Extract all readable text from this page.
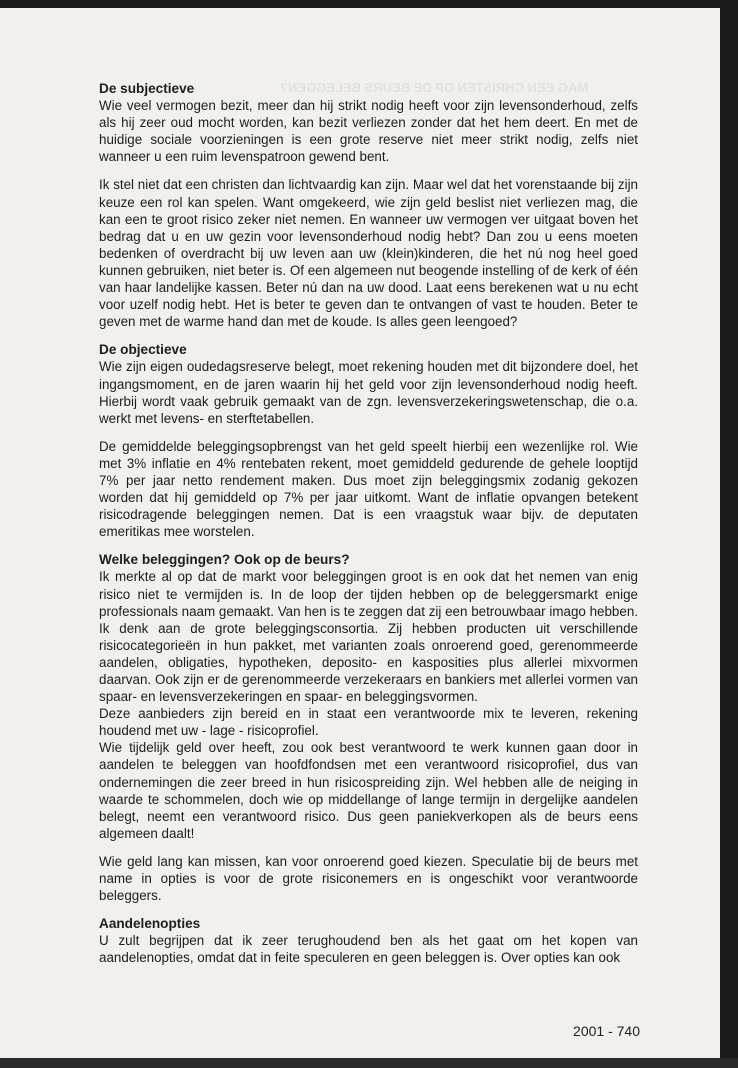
MAG EEN CHRISTEN OP DE BEURS BELEGGEN?
De subjectieve

Wie veel vermogen bezit, meer dan hij strikt nodig heeft voor zijn levensonderhoud, zelfs als hij zeer oud mocht worden, kan bezit verliezen zonder dat het hem deert. En met de huidige sociale voorzieningen is een grote reserve niet meer strikt nodig, zelfs niet wanneer u een ruim levenspatroon gewend bent.

Ik stel niet dat een christen dan lichtvaardig kan zijn. Maar wel dat het vorenstaande bij zijn keuze een rol kan spelen. Want omgekeerd, wie zijn geld beslist niet verliezen mag, die kan een te groot risico zeker niet nemen. En wanneer uw vermogen ver uitgaat boven het bedrag dat u en uw gezin voor levensonderhoud nodig hebt? Dan zou u eens moeten bedenken of overdracht bij uw leven aan uw (klein)kinderen, die het nú nog heel goed kunnen gebruiken, niet beter is. Of een algemeen nut beogende instelling of de kerk of één van haar landelijke kassen. Beter nú dan na uw dood. Laat eens berekenen wat u nu echt voor uzelf nodig hebt. Het is beter te geven dan te ontvangen of vast te houden. Beter te geven met de warme hand dan met de koude. Is alles geen leengoed?

De objectieve

Wie zijn eigen oudedagsreserve belegt, moet rekening houden met dit bijzondere doel, het ingangsmoment, en de jaren waarin hij het geld voor zijn levensonderhoud nodig heeft. Hierbij wordt vaak gebruik gemaakt van de zgn. levensverzekeringswetenschap, die o.a. werkt met levens- en sterftetabellen.

De gemiddelde beleggingsopbrengst van het geld speelt hierbij een wezenlijke rol. Wie met 3% inflatie en 4% rentebaten rekent, moet gemiddeld gedurende de gehele looptijd 7% per jaar netto rendement maken. Dus moet zijn beleggingsmix zodanig gekozen worden dat hij gemiddeld op 7% per jaar uitkomt. Want de inflatie opvangen betekent risicodragende beleggingen nemen. Dat is een vraagstuk waar bijv. de deputaten emeritikas mee worstelen.

Welke beleggingen? Ook op de beurs?

Ik merkte al op dat de markt voor beleggingen groot is en ook dat het nemen van enig risico niet te vermijden is. In de loop der tijden hebben op de beleggersmarkt enige professionals naam gemaakt. Van hen is te zeggen dat zij een betrouwbaar imago hebben. Ik denk aan de grote beleggingsconsortia. Zij hebben producten uit verschillende risicocategorieën in hun pakket, met varianten zoals onroerend goed, gerenommeerde aandelen, obligaties, hypotheken, deposito- en kasposities plus allerlei mixvormen daarvan. Ook zijn er de gerenommeerde verzekeraars en bankiers met allerlei vormen van spaar- en levensverzekeringen en spaar- en beleggingsvormen.

Deze aanbieders zijn bereid en in staat een verantwoorde mix te leveren, rekening houdend met uw - lage - risicoprofiel.

Wie tijdelijk geld over heeft, zou ook best verantwoord te werk kunnen gaan door in aandelen te beleggen van hoofdfondsen met een verantwoord risicoprofiel, dus van ondernemingen die zeer breed in hun risicospreiding zijn. Wel hebben alle de neiging in waarde te schommelen, doch wie op middellange of lange termijn in dergelijke aandelen belegt, neemt een verantwoord risico. Dus geen paniekverkopen als de beurs eens algemeen daalt!

Wie geld lang kan missen, kan voor onroerend goed kiezen. Speculatie bij de beurs met name in opties is voor de grote risiconemers en is ongeschikt voor verantwoorde beleggers.

Aandelenopties

U zult begrijpen dat ik zeer terughoudend ben als het gaat om het kopen van aandelenopties, omdat dat in feite speculeren en geen beleggen is. Over opties kan ook

2001 - 740
